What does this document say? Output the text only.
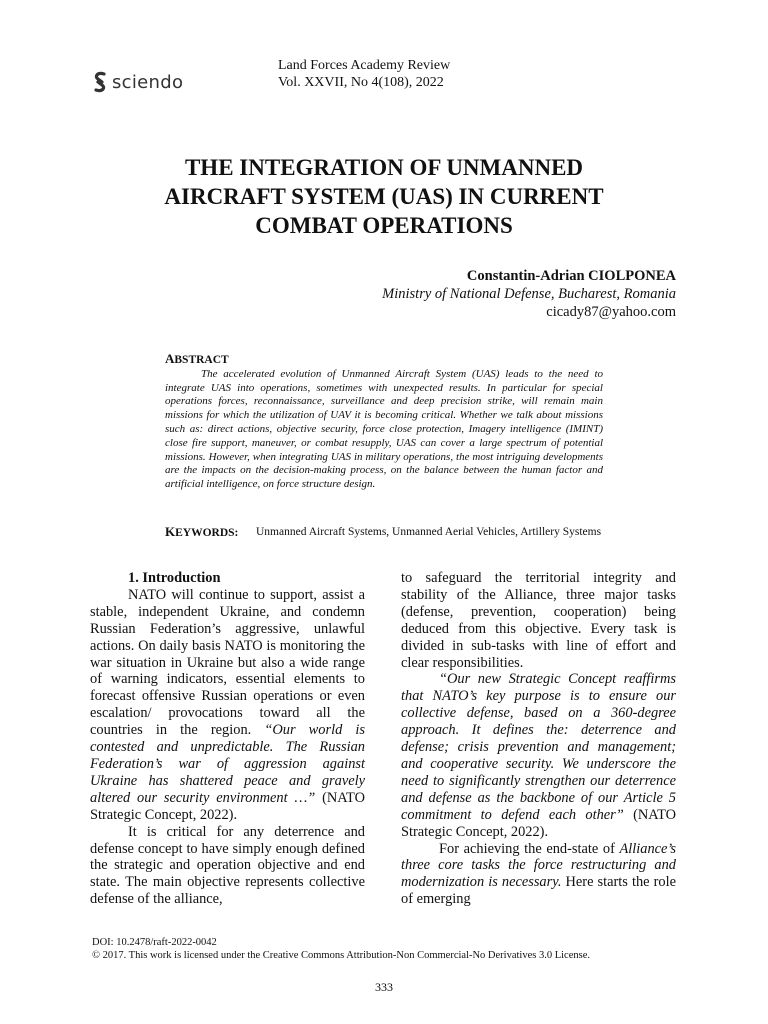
sciendo
Land Forces Academy Review
Vol. XXVII, No 4(108), 2022
THE INTEGRATION OF UNMANNED
AIRCRAFT SYSTEM (UAS) IN CURRENT
COMBAT OPERATIONS
Constantin-Adrian CIOLPONEA
Ministry of National Defense, Bucharest, Romania
cicady87@yahoo.com
ABSTRACT

The accelerated evolution of Unmanned Aircraft System (UAS) leads to the need to integrate UAS into operations, sometimes with unexpected results. In particular for special operations forces, reconnaissance, surveillance and deep precision strike, will remain main missions for which the utilization of UAV it is becoming critical. Whether we talk about missions such as: direct actions, objective security, force close protection, Imagery intelligence (IMINT) close fire support, maneuver, or combat resupply, UAS can cover a large spectrum of potential missions. However, when integrating UAS in military operations, the most intriguing developments are the impacts on the decision-making process, on the balance between the human factor and artificial intelligence, on force structure design.

KEYWORDS:	Unmanned Aircraft Systems, Unmanned Aerial Vehicles, Artillery Systems

1. Introduction

NATO will continue to support, assist a stable, independent Ukraine, and condemn Russian Federation’s aggressive, unlawful actions. On daily basis NATO is monitoring the war situation in Ukraine but also a wide range of warning indicators, essential elements to forecast offensive Russian operations or even escalation/ provocations toward all the countries in the region. “Our world is contested and unpredictable. The Russian Federation’s war of aggression against Ukraine has shattered peace and gravely altered our security environment …” (NATO Strategic Concept, 2022).

It is critical for any deterrence and defense concept to have simply enough defined the strategic and operation objective and end state. The main objective represents collective defense of the alliance,

to safeguard the territorial integrity and stability of the Alliance, three major tasks (defense, prevention, cooperation) being deduced from this objective. Every task is divided in sub-tasks with line of effort and clear responsibilities.

“Our new Strategic Concept reaffirms that NATO’s key purpose is to ensure our collective defense, based on a 360-degree approach. It defines the: deterrence and defense; crisis prevention and management; and cooperative security. We underscore the need to significantly strengthen our deterrence and defense as the backbone of our Article 5 commitment to defend each other” (NATO Strategic Concept, 2022).

For achieving the end-state of Alliance’s three core tasks the force restructuring and modernization is necessary. Here starts the role of emerging

DOI: 10.2478/raft-2022-0042
© 2017. This work is licensed under the Creative Commons Attribution-Non Commercial-No Derivatives 3.0 License.
333
